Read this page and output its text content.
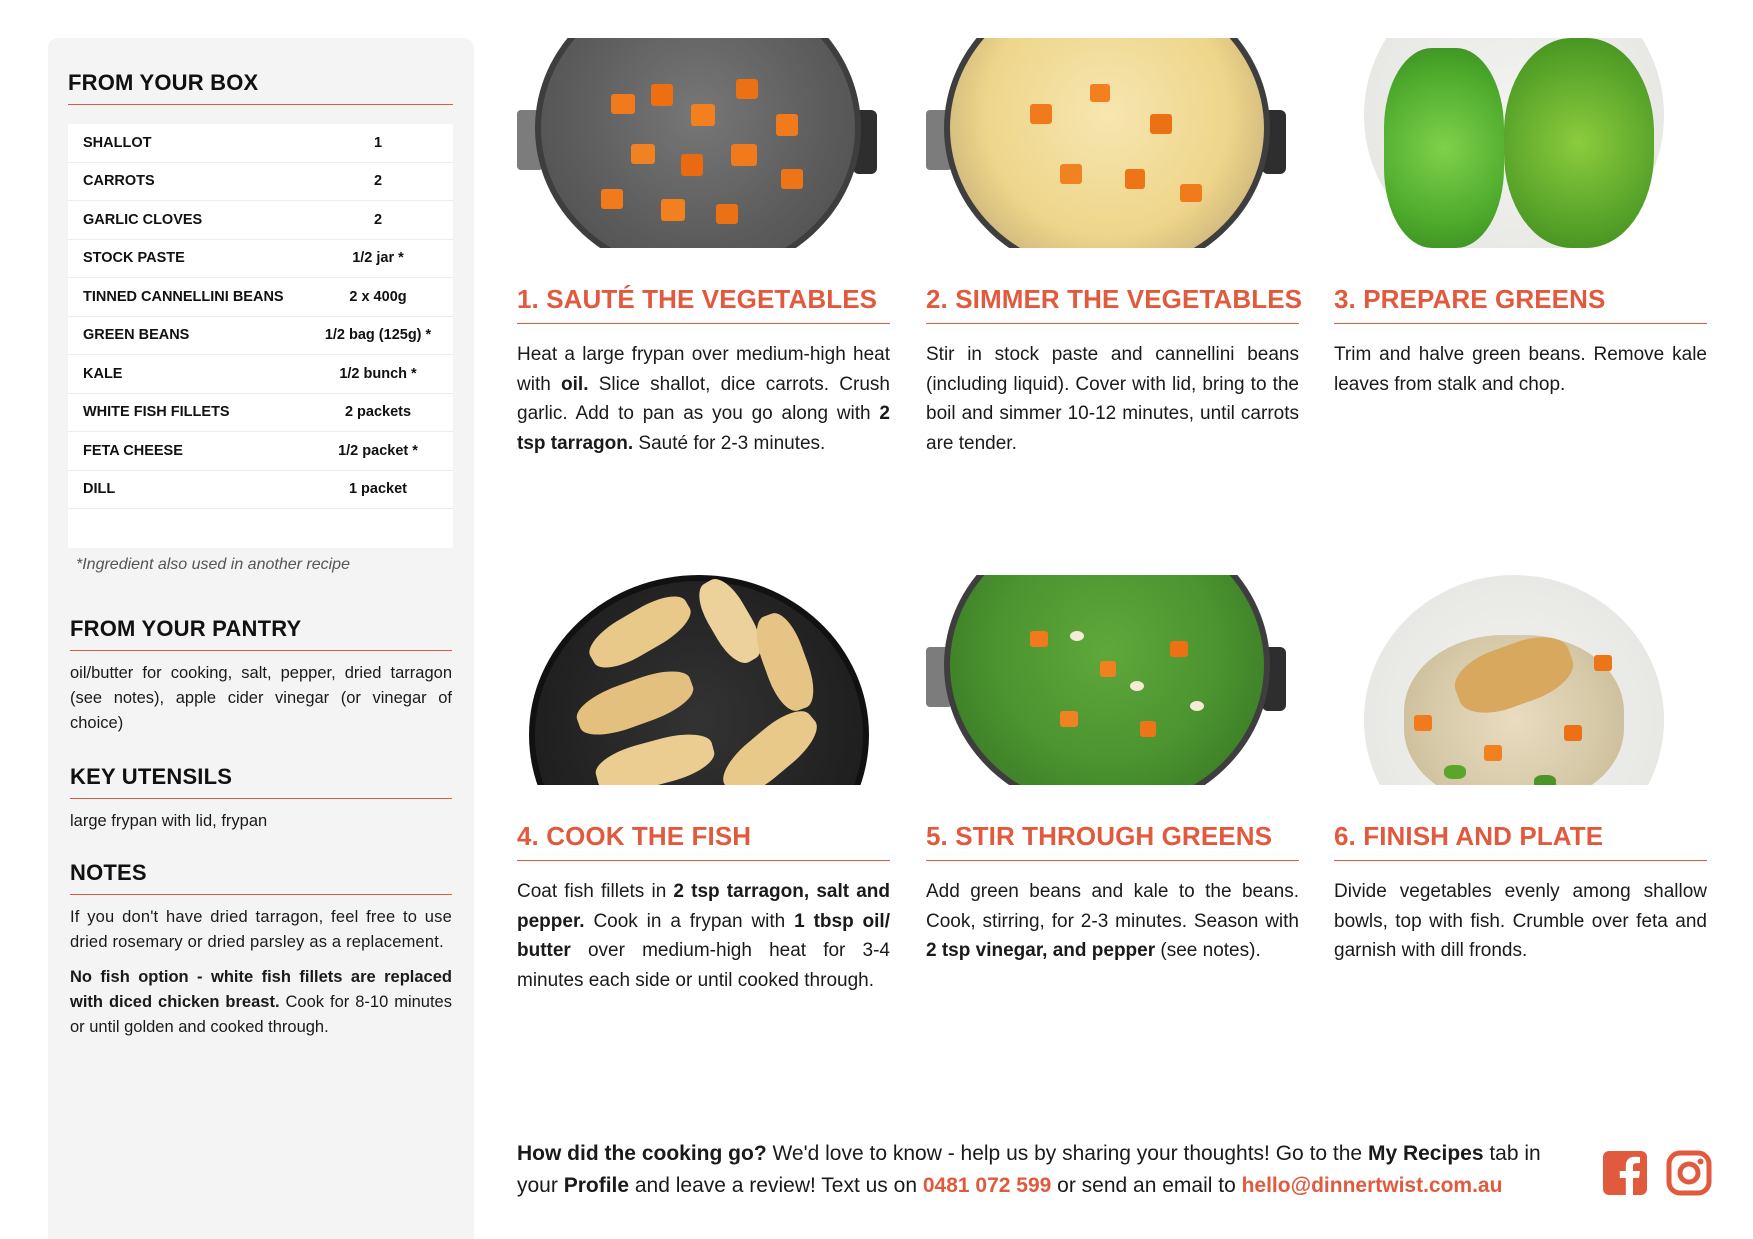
FROM YOUR BOX
SHALLOT	1
CARROTS	2
GARLIC CLOVES	2
STOCK PASTE	1/2 jar *
TINNED CANNELLINI BEANS	2 x 400g
GREEN BEANS	1/2 bag (125g) *
KALE	1/2 bunch *
WHITE FISH FILLETS	2 packets
FETA CHEESE	1/2 packet *
DILL	1 packet
*Ingredient also used in another recipe
FROM YOUR PANTRY
oil/butter for cooking, salt, pepper, dried tarragon (see notes), apple cider vinegar (or vinegar of choice)
KEY UTENSILS
large frypan with lid, frypan
NOTES

If you don't have dried tarragon, feel free to use dried rosemary or dried parsley as a replacement.

No fish option - white fish fillets are replaced with diced chicken breast. Cook for 8-10 minutes or until golden and cooked through.

1. SAUTÉ THE VEGETABLES
Heat a large frypan over medium-high heat with oil. Slice shallot, dice carrots. Crush garlic. Add to pan as you go along with 2 tsp tarragon. Sauté for 2-3 minutes.
2. SIMMER THE VEGETABLES
Stir in stock paste and cannellini beans (including liquid). Cover with lid, bring to the boil and simmer 10-12 minutes, until carrots are tender.
3. PREPARE GREENS
Trim and halve green beans. Remove kale leaves from stalk and chop.
4. COOK THE FISH
Coat fish fillets in 2 tsp tarragon, salt and pepper. Cook in a frypan with 1 tbsp oil/ butter over medium-high heat for 3-4 minutes each side or until cooked through.
5. STIR THROUGH GREENS
Add green beans and kale to the beans. Cook, stirring, for 2-3 minutes. Season with 2 tsp vinegar, and pepper (see notes).
6. FINISH AND PLATE
Divide vegetables evenly among shallow bowls, top with fish. Crumble over feta and garnish with dill fronds.
How did the cooking go? We'd love to know - help us by sharing your thoughts! Go to the My Recipes tab in your Profile and leave a review! Text us on 0481 072 599 or send an email to hello@dinnertwist.com.au
